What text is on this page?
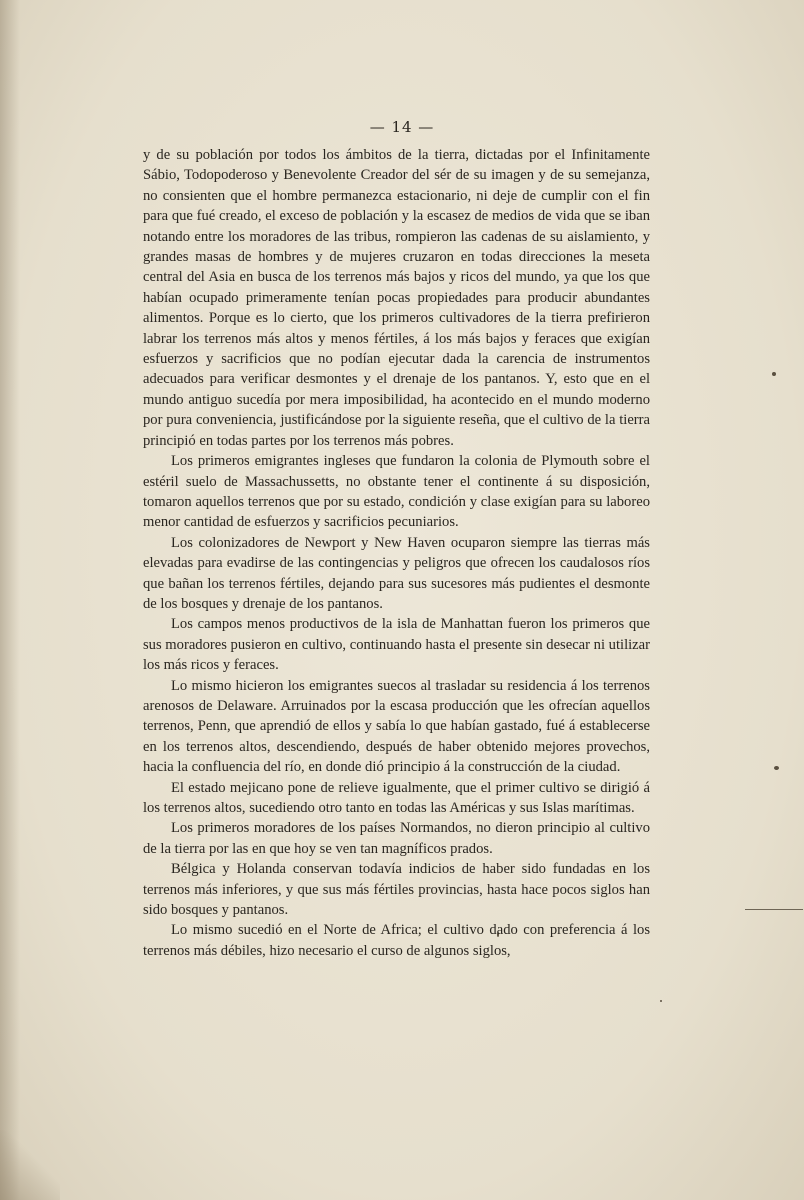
— 14 —

y de su población por todos los ámbitos de la tierra, dictadas por el Infinitamente Sábio, Todopoderoso y Benevolente Creador del sér de su imagen y de su semejanza, no consienten que el hombre permanezca estacionario, ni deje de cumplir con el fin para que fué creado, el exceso de población y la escasez de medios de vida que se iban notando entre los moradores de las tribus, rompieron las cadenas de su aislamiento, y grandes masas de hombres y de mujeres cruzaron en todas direcciones la meseta central del Asia en busca de los terrenos más bajos y ricos del mundo, ya que los que habían ocupado primeramente tenían pocas propiedades para producir abundantes alimentos. Porque es lo cierto, que los primeros cultivadores de la tierra prefirieron labrar los terrenos más altos y menos fértiles, á los más bajos y feraces que exigían esfuerzos y sacrificios que no podían ejecutar dada la carencia de instrumentos adecuados para verificar desmontes y el drenaje de los pantanos. Y, esto que en el mundo antiguo sucedía por mera imposibilidad, ha acontecido en el mundo moderno por pura conveniencia, justificándose por la siguiente reseña, que el cultivo de la tierra principió en todas partes por los terrenos más pobres.

Los primeros emigrantes ingleses que fundaron la colonia de Plymouth sobre el estéril suelo de Massachussetts, no obstante tener el continente á su disposición, tomaron aquellos terrenos que por su estado, condición y clase exigían para su laboreo menor cantidad de esfuerzos y sacrificios pecuniarios.

Los colonizadores de Newport y New Haven ocuparon siempre las tierras más elevadas para evadirse de las contingencias y peligros que ofrecen los caudalosos ríos que bañan los terrenos fértiles, dejando para sus sucesores más pudientes el desmonte de los bosques y drenaje de los pantanos.

Los campos menos productivos de la isla de Manhattan fueron los primeros que sus moradores pusieron en cultivo, continuando hasta el presente sin desecar ni utilizar los más ricos y feraces.

Lo mismo hicieron los emigrantes suecos al trasladar su residencia á los terrenos arenosos de Delaware. Arruinados por la escasa producción que les ofrecían aquellos terrenos, Penn, que aprendió de ellos y sabía lo que habían gastado, fué á establecerse en los terrenos altos, descendiendo, después de haber obtenido mejores provechos, hacia la confluencia del río, en donde dió principio á la construcción de la ciudad.

El estado mejicano pone de relieve igualmente, que el primer cultivo se dirigió á los terrenos altos, sucediendo otro tanto en todas las Américas y sus Islas marítimas.

Los primeros moradores de los países Normandos, no dieron principio al cultivo de la tierra por las en que hoy se ven tan magníficos prados.

Bélgica y Holanda conservan todavía indicios de haber sido fundadas en los terrenos más inferiores, y que sus más fértiles provincias, hasta hace pocos siglos han sido bosques y pantanos.

Lo mismo sucedió en el Norte de Africa; el cultivo dado con preferencia á los terrenos más débiles, hizo necesario el curso de algunos siglos,
